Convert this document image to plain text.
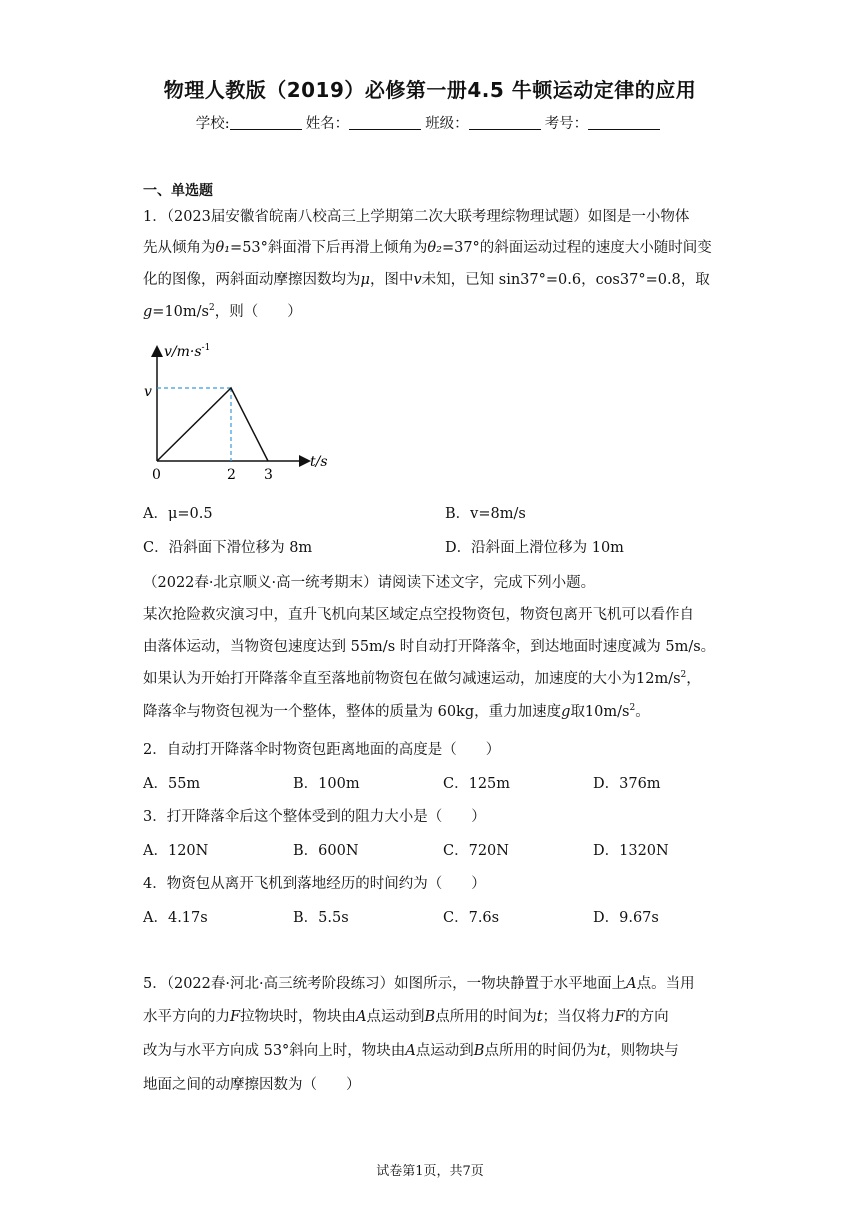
物理人教版（2019）必修第一册4.5 牛顿运动定律的应用
学校:	姓名：	班级：	考号：
一、单选题
1．（2023届安徽省皖南八校高三上学期第二次大联考理综物理试题）如图是一小物体
先从倾角为θ₁=53°斜面滑下后再滑上倾角为θ₂=37°的斜面运动过程的速度大小随时间变
化的图像，两斜面动摩擦因数均为μ，图中v未知，已知 sin37°=0.6，cos37°=0.8，取
$g=10m/s^2$，则（　　）
$v/m\cdot s^{-1}$
t/s
v
0	2 3
A．μ=0.5	B．v=8m/s
C．沿斜面下滑位移为 8m	D．沿斜面上滑位移为 10m
（2022春·北京顺义·高一统考期末）请阅读下述文字，完成下列小题。
某次抢险救灾演习中，直升飞机向某区域定点空投物资包，物资包离开飞机可以看作自
由落体运动，当物资包速度达到 55m/s 时自动打开降落伞，到达地面时速度减为 5m/s。
如果认为开始打开降落伞直至落地前物资包在做匀减速运动，加速度的大小为$12m/s^2$，
降落伞与物资包视为一个整体，整体的质量为 60kg，重力加速度g取$10m/s^2$。
2．自动打开降落伞时物资包距离地面的高度是（　　）
A．55m	B．100m	C．125m	D．376m
3．打开降落伞后这个整体受到的阻力大小是（　　）
A．120N	B．600N	C．720N	D．1320N
4．物资包从离开飞机到落地经历的时间约为（　　）
A．4.17s	B．5.5s	C．7.6s	D．9.67s
5．（2022春·河北·高三统考阶段练习）如图所示，一物块静置于水平地面上A点。当用
水平方向的力F拉物块时，物块由A点运动到B点所用的时间为t；当仅将力F的方向
改为与水平方向成 53°斜向上时，物块由A点运动到B点所用的时间仍为t，则物块与
地面之间的动摩擦因数为（　　）
试卷第1页，共7页
